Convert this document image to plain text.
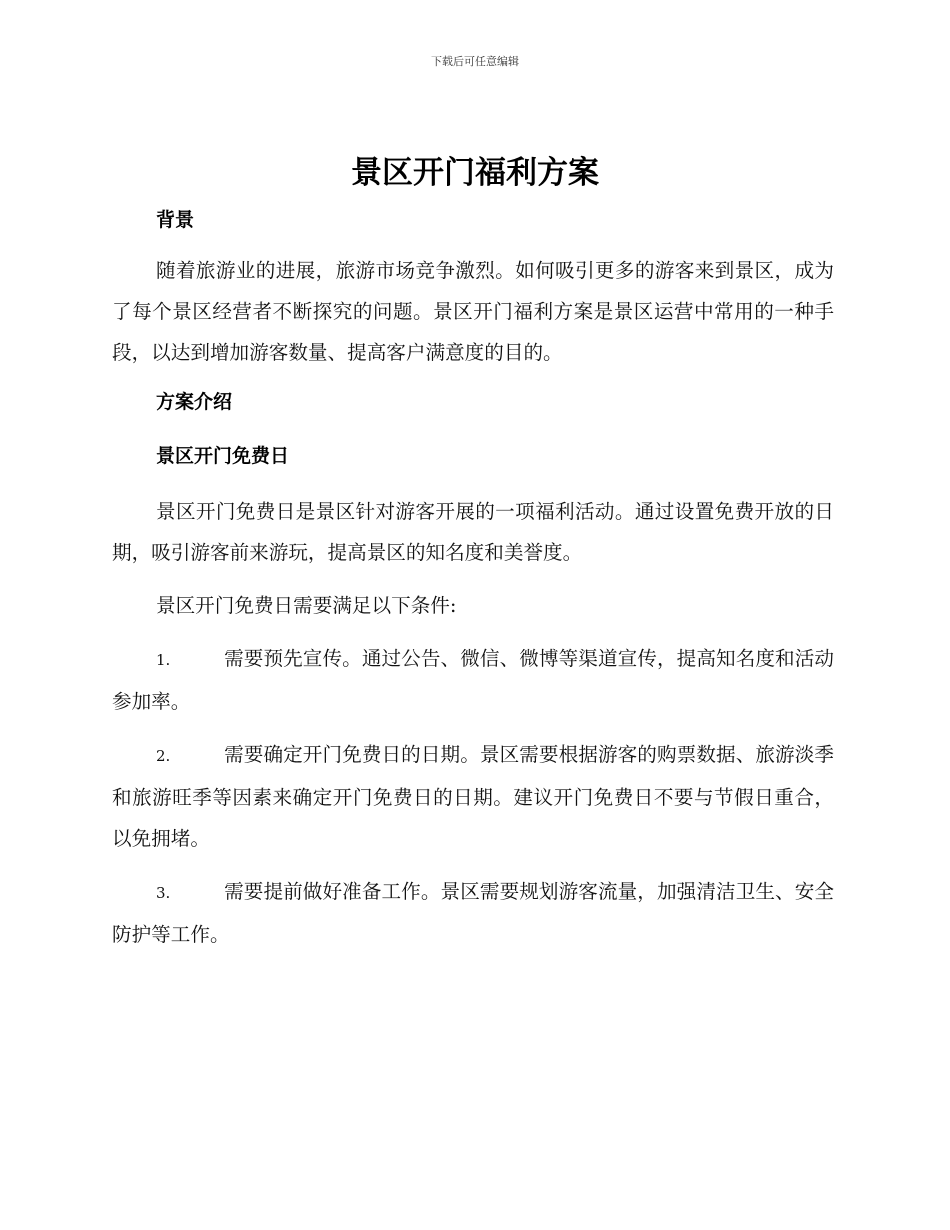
下载后可任意编辑
景区开门福利方案
背景

随着旅游业的进展，旅游市场竞争激烈。如何吸引更多的游客来到景区，成为了每个景区经营者不断探究的问题。景区开门福利方案是景区运营中常用的一种手段，以达到增加游客数量、提高客户满意度的目的。

方案介绍
景区开门免费日

景区开门免费日是景区针对游客开展的一项福利活动。通过设置免费开放的日期，吸引游客前来游玩，提高景区的知名度和美誉度。

景区开门免费日需要满足以下条件:

1.	需要预先宣传。通过公告、微信、微博等渠道宣传，提高知名度和活动参加率。

2.	需要确定开门免费日的日期。景区需要根据游客的购票数据、旅游淡季和旅游旺季等因素来确定开门免费日的日期。建议开门免费日不要与节假日重合，以免拥堵。

3.	需要提前做好准备工作。景区需要规划游客流量，加强清洁卫生、安全防护等工作。
